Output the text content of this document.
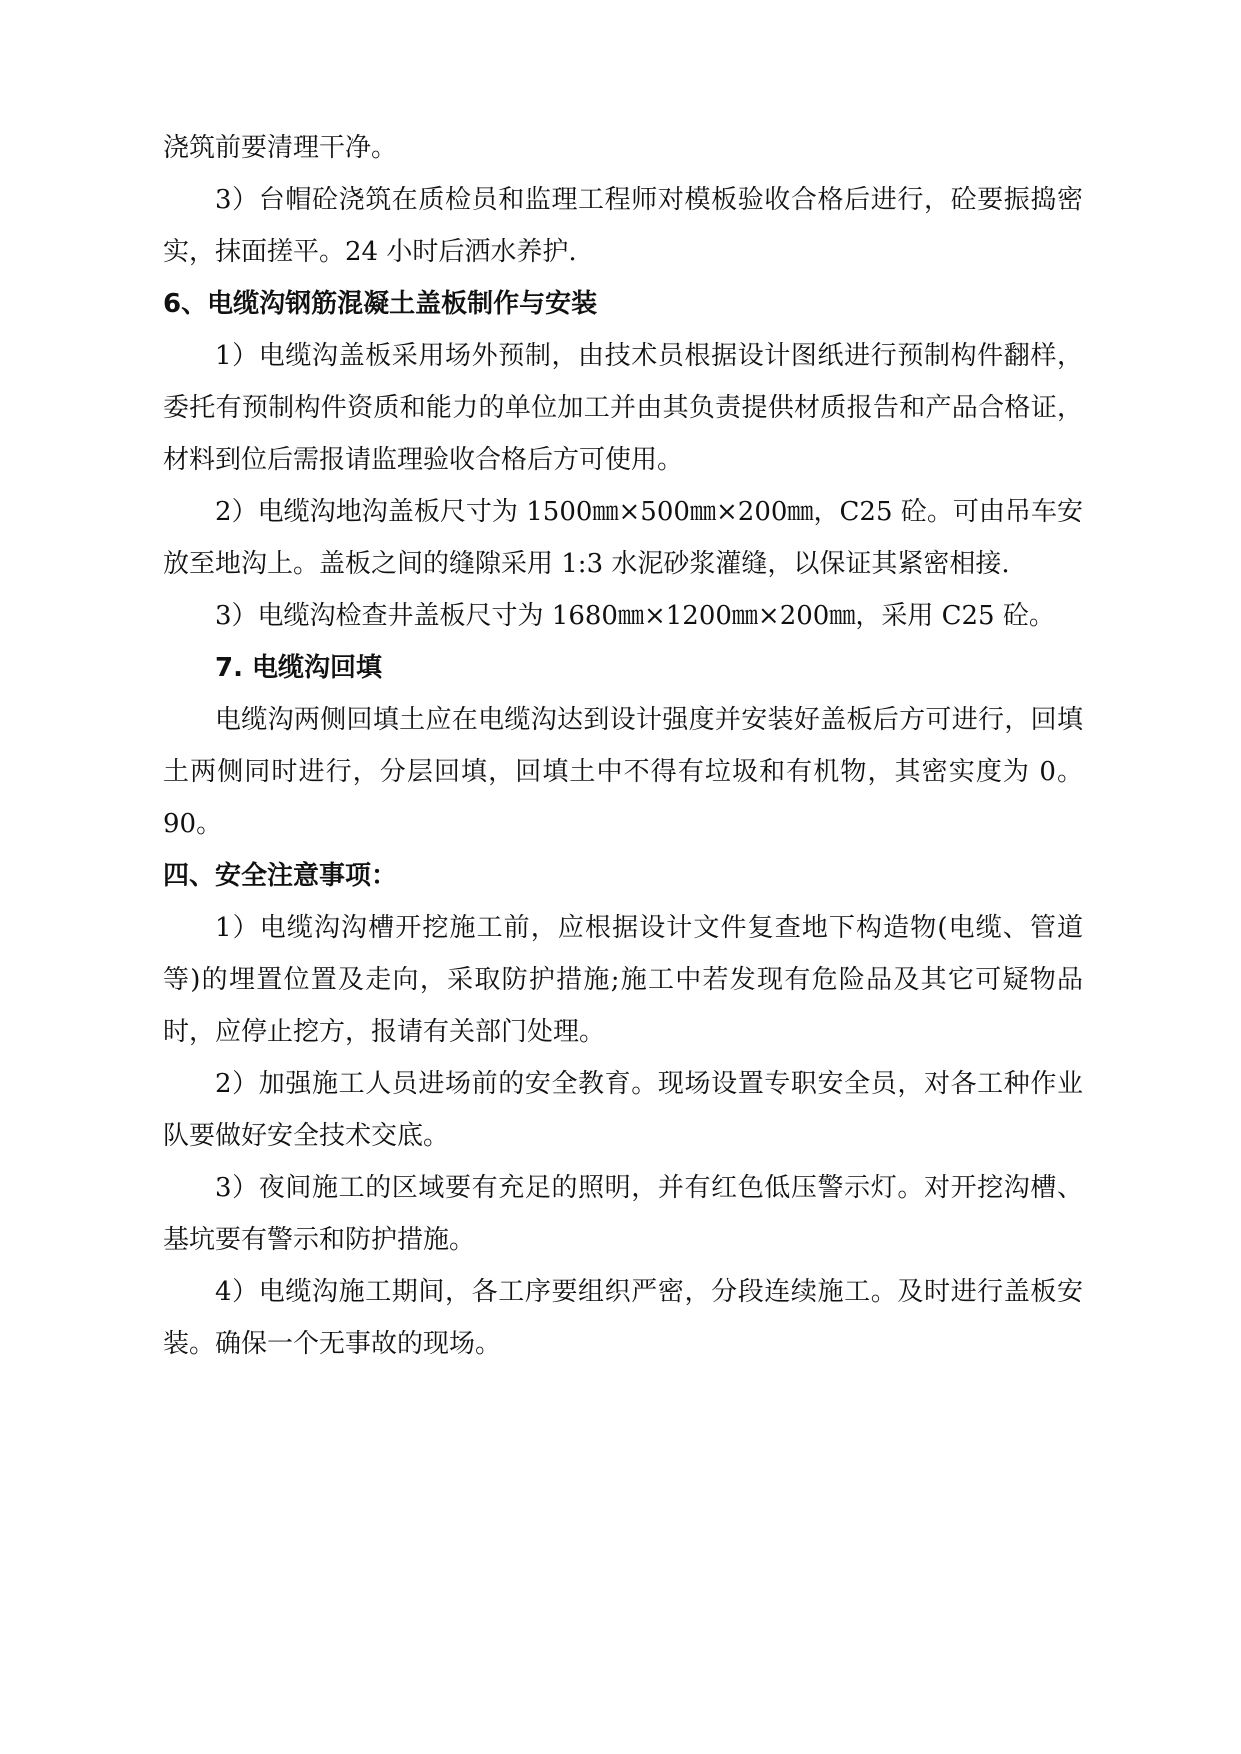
浇筑前要清理干净。

3）台帽砼浇筑在质检员和监理工程师对模板验收合格后进行，砼要振捣密实，抹面搓平。24 小时后洒水养护.

6、电缆沟钢筋混凝土盖板制作与安装

1）电缆沟盖板采用场外预制，由技术员根据设计图纸进行预制构件翻样，委托有预制构件资质和能力的单位加工并由其负责提供材质报告和产品合格证，材料到位后需报请监理验收合格后方可使用。

2）电缆沟地沟盖板尺寸为 1500㎜×500㎜×200㎜，C25 砼。可由吊车安放至地沟上。盖板之间的缝隙采用 1:3 水泥砂浆灌缝，以保证其紧密相接.

3）电缆沟检查井盖板尺寸为 1680㎜×1200㎜×200㎜，采用 C25 砼。

7. 电缆沟回填

电缆沟两侧回填土应在电缆沟达到设计强度并安装好盖板后方可进行，回填土两侧同时进行，分层回填，回填土中不得有垃圾和有机物，其密实度为 0。90。

四、安全注意事项：

1）电缆沟沟槽开挖施工前，应根据设计文件复查地下构造物(电缆、管道等)的埋置位置及走向，采取防护措施;施工中若发现有危险品及其它可疑物品时，应停止挖方，报请有关部门处理。

2）加强施工人员进场前的安全教育。现场设置专职安全员，对各工种作业队要做好安全技术交底。

3）夜间施工的区域要有充足的照明，并有红色低压警示灯。对开挖沟槽、基坑要有警示和防护措施。

4）电缆沟施工期间，各工序要组织严密，分段连续施工。及时进行盖板安装。确保一个无事故的现场。
